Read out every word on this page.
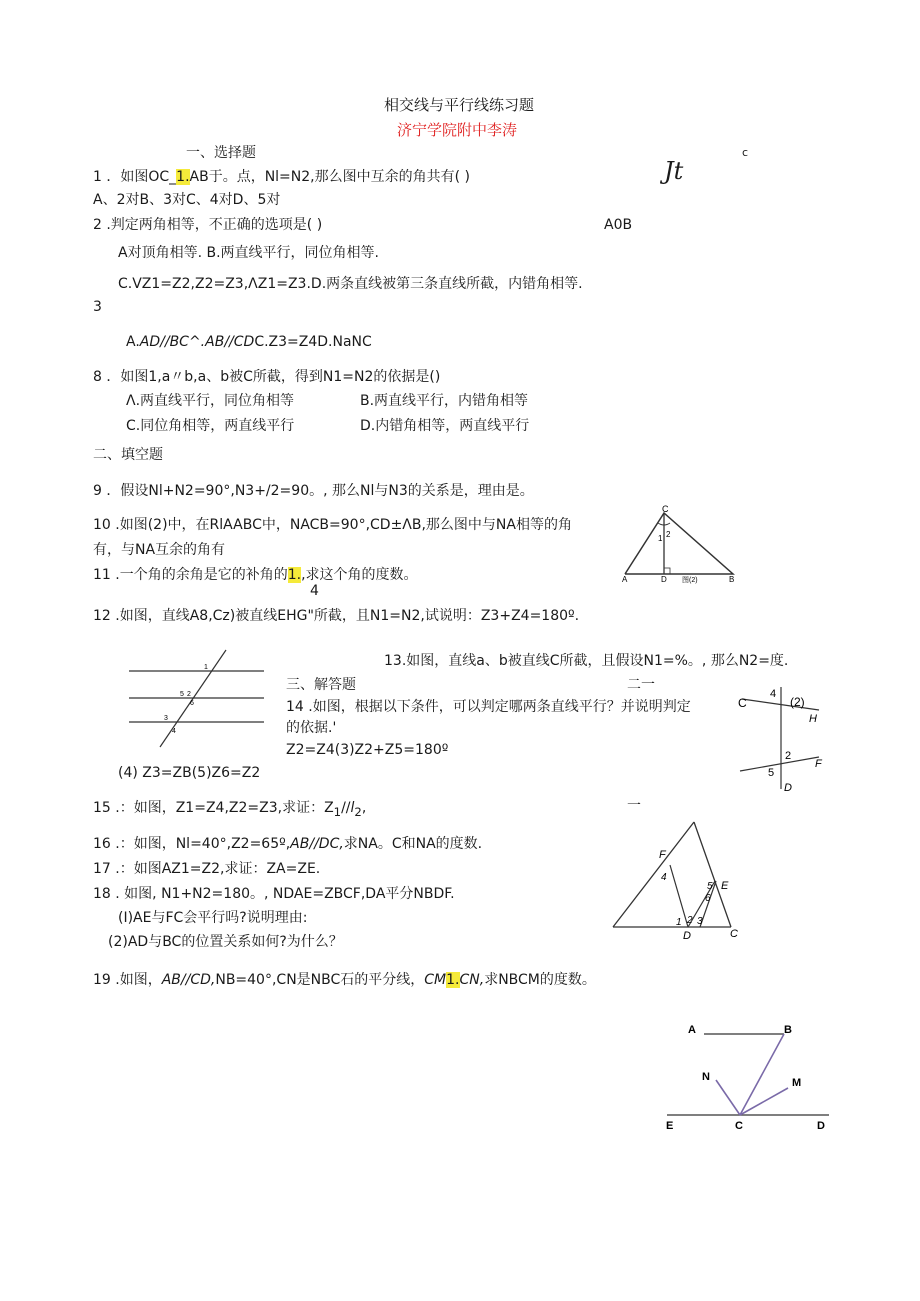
相交线与平行线练习题
济宁学院附中李涛
一、选择题	c
1 ．如图OC_1.AB于。点，Nl=N2,那么图中互余的角共有( )	Jt
A、2对B、3对C、4对D、5对
2 .判定两角相等，不正确的选项是( )	A0B
A对顶角相等. B.两直线平行，同位角相等.
C.VZ1=Z2,Z2=Z3,ΛZ1=Z3.D.两条直线被第三条直线所截，内错角相等.
3
A.AD//BC^.AB//CDC.Z3=Z4D.NaNC
8 ．如图1,a〃b,a、b被C所截，得到N1=N2的依据是()
Λ.两直线平行，同位角相等	B.两直线平行，内错角相等
C.同位角相等，两直线平行	D.内错角相等，两直线平行
二、填空题
9 ．假设Nl+N2=90°,N3+/2=90。, 那么Nl与N3的关系是，理由是。
10 .如图(2)中，在RlAABC中，NACB=90°,CD±ΛB,那么图中与NA相等的角
有，与NA互余的角有
11 .一个角的余角是它的补角的1.,求这个角的度数。
4
12 .如图，直线A8,Cz)被直线EHG"所截，且N1=N2,试说明：Z3+Z4=180º.
13.如图，直线a、b被直线C所截，且假设N1=%。, 那么N2=度.
三、解答题	二一
14 .如图，根据以下条件，可以判定哪两条直线平行？并说明判定
的依据.'
Z2=Z4(3)Z2+Z5=180º
(4) Z3=ZB(5)Z6=Z2
15 .：如图，Z1=Z4,Z2=Z3,求证：$Z_1//l_2$,	一
16 .：如图，Nl=40°,Z2=65º,AB//DC,求NA。C和NA的度数.
17 .：如图AZ1=Z2,求证：ZA=ZE.
18 . 如图, N1+N2=180。, NDAE=ZBCF,DA平分NBDF.
(I)AE与FC会平行吗?说明理由:
(2)AD与BC的位置关系如何?为什么？
19 .如图，AB//CD,NB=40°,CN是NBC石的平分线，CM1.CN,求NBCM的度数。
C
1 2
A	D	B
图(2)
1
2
5
3
4
6	C
4
(2)
H
2
5
F
D
F
4
5 E
2
6
1 3
D	C
A	B
N	M
E	C	D
